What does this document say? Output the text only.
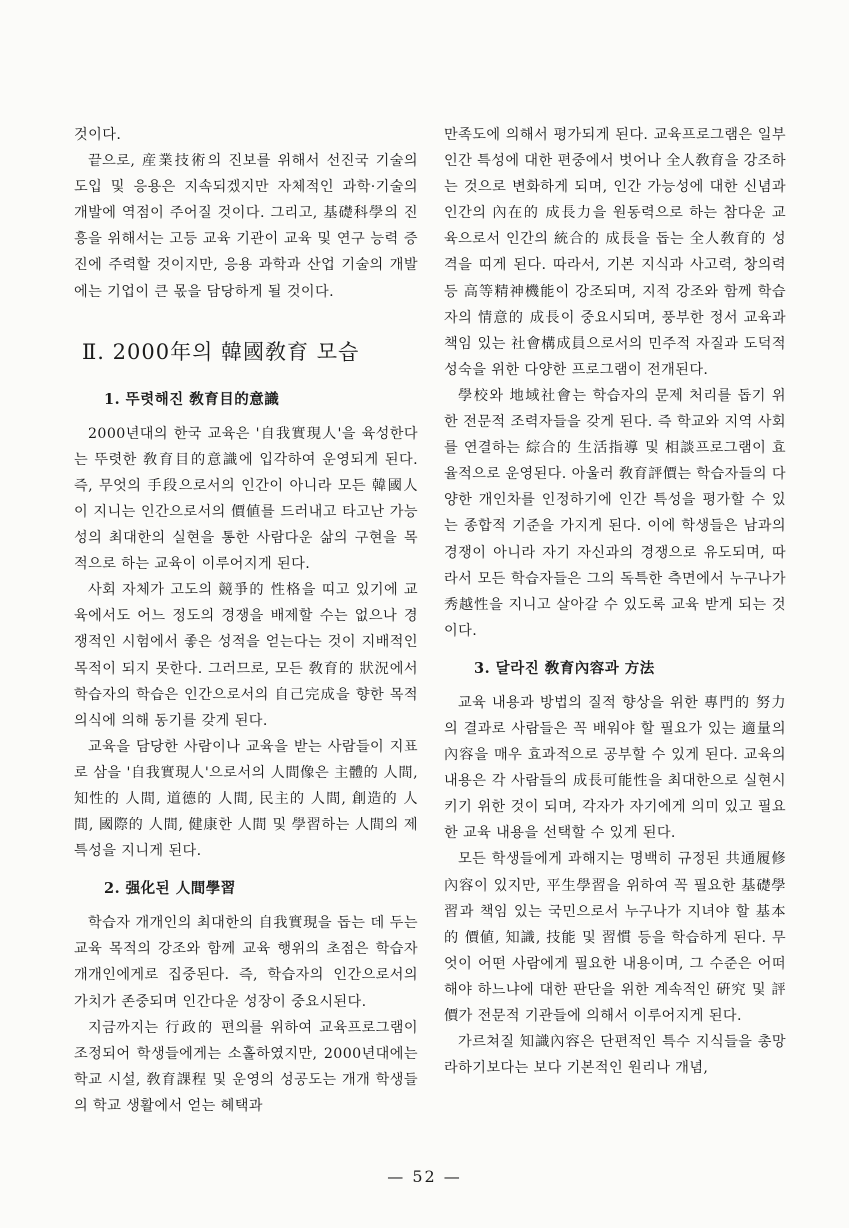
것이다.

끝으로, 産業技術의 진보를 위해서 선진국 기술의 도입 및 응용은 지속되겠지만 자체적인 과학·기술의 개발에 역점이 주어질 것이다. 그리고, 基礎科學의 진흥을 위해서는 고등 교육 기관이 교육 및 연구 능력 증진에 주력할 것이지만, 응용 과학과 산업 기술의 개발에는 기업이 큰 몫을 담당하게 될 것이다.

Ⅱ. 2000年의 韓國敎育 모습
1. 뚜렷해진 敎育目的意識

2000년대의 한국 교육은 '自我實現人'을 육성한다는 뚜렷한 敎育目的意識에 입각하여 운영되게 된다. 즉, 무엇의 手段으로서의 인간이 아니라 모든 韓國人이 지니는 인간으로서의 價値를 드러내고 타고난 가능성의 최대한의 실현을 통한 사람다운 삶의 구현을 목적으로 하는 교육이 이루어지게 된다.

사회 자체가 고도의 競爭的 性格을 띠고 있기에 교육에서도 어느 정도의 경쟁을 배제할 수는 없으나 경쟁적인 시험에서 좋은 성적을 얻는다는 것이 지배적인 목적이 되지 못한다. 그러므로, 모든 敎育的 狀況에서 학습자의 학습은 인간으로서의 自己完成을 향한 목적 의식에 의해 동기를 갖게 된다.

교육을 담당한 사람이나 교육을 받는 사람들이 지표로 삼을 '自我實現人'으로서의 人間像은 主體的 人間, 知性的 人間, 道德的 人間, 民主的 人間, 創造的 人間, 國際的 人間, 健康한 人間 및 學習하는 人間의 제 특성을 지니게 된다.

2. 强化된 人間學習

학습자 개개인의 최대한의 自我實現을 돕는 데 두는 교육 목적의 강조와 함께 교육 행위의 초점은 학습자 개개인에게로 집중된다. 즉, 학습자의 인간으로서의 가치가 존중되며 인간다운 성장이 중요시된다.

지금까지는 行政的 편의를 위하여 교육프로그램이 조정되어 학생들에게는 소홀하였지만, 2000년대에는 학교 시설, 敎育課程 및 운영의 성공도는 개개 학생들의 학교 생활에서 얻는 혜택과

만족도에 의해서 평가되게 된다. 교육프로그램은 일부 인간 특성에 대한 편중에서 벗어나 全人敎育을 강조하는 것으로 변화하게 되며, 인간 가능성에 대한 신념과 인간의 內在的 成長力을 원동력으로 하는 참다운 교육으로서 인간의 統合的 成長을 돕는 全人敎育的 성격을 띠게 된다. 따라서, 기본 지식과 사고력, 창의력 등 高等精神機能이 강조되며, 지적 강조와 함께 학습자의 情意的 成長이 중요시되며, 풍부한 정서 교육과 책임 있는 社會構成員으로서의 민주적 자질과 도덕적 성숙을 위한 다양한 프로그램이 전개된다.

學校와 地域社會는 학습자의 문제 처리를 돕기 위한 전문적 조력자들을 갖게 된다. 즉 학교와 지역 사회를 연결하는 綜合的 生活指導 및 相談프로그램이 효율적으로 운영된다. 아울러 敎育評價는 학습자들의 다양한 개인차를 인정하기에 인간 특성을 평가할 수 있는 종합적 기준을 가지게 된다. 이에 학생들은 남과의 경쟁이 아니라 자기 자신과의 경쟁으로 유도되며, 따라서 모든 학습자들은 그의 독특한 측면에서 누구나가 秀越性을 지니고 살아갈 수 있도록 교육 받게 되는 것이다.

3. 달라진 敎育內容과 方法

교육 내용과 방법의 질적 향상을 위한 專門的 努力의 결과로 사람들은 꼭 배워야 할 필요가 있는 適量의 內容을 매우 효과적으로 공부할 수 있게 된다. 교육의 내용은 각 사람들의 成長可能性을 최대한으로 실현시키기 위한 것이 되며, 각자가 자기에게 의미 있고 필요한 교육 내용을 선택할 수 있게 된다.

모든 학생들에게 과해지는 명백히 규정된 共通履修內容이 있지만, 平生學習을 위하여 꼭 필요한 基礎學習과 책임 있는 국민으로서 누구나가 지녀야 할 基本的 價値, 知識, 技能 및 習慣 등을 학습하게 된다. 무엇이 어떤 사람에게 필요한 내용이며, 그 수준은 어떠해야 하느냐에 대한 판단을 위한 계속적인 硏究 및 評價가 전문적 기관들에 의해서 이루어지게 된다.

가르쳐질 知識內容은 단편적인 특수 지식들을 총망라하기보다는 보다 기본적인 원리나 개념,

— 52 —
